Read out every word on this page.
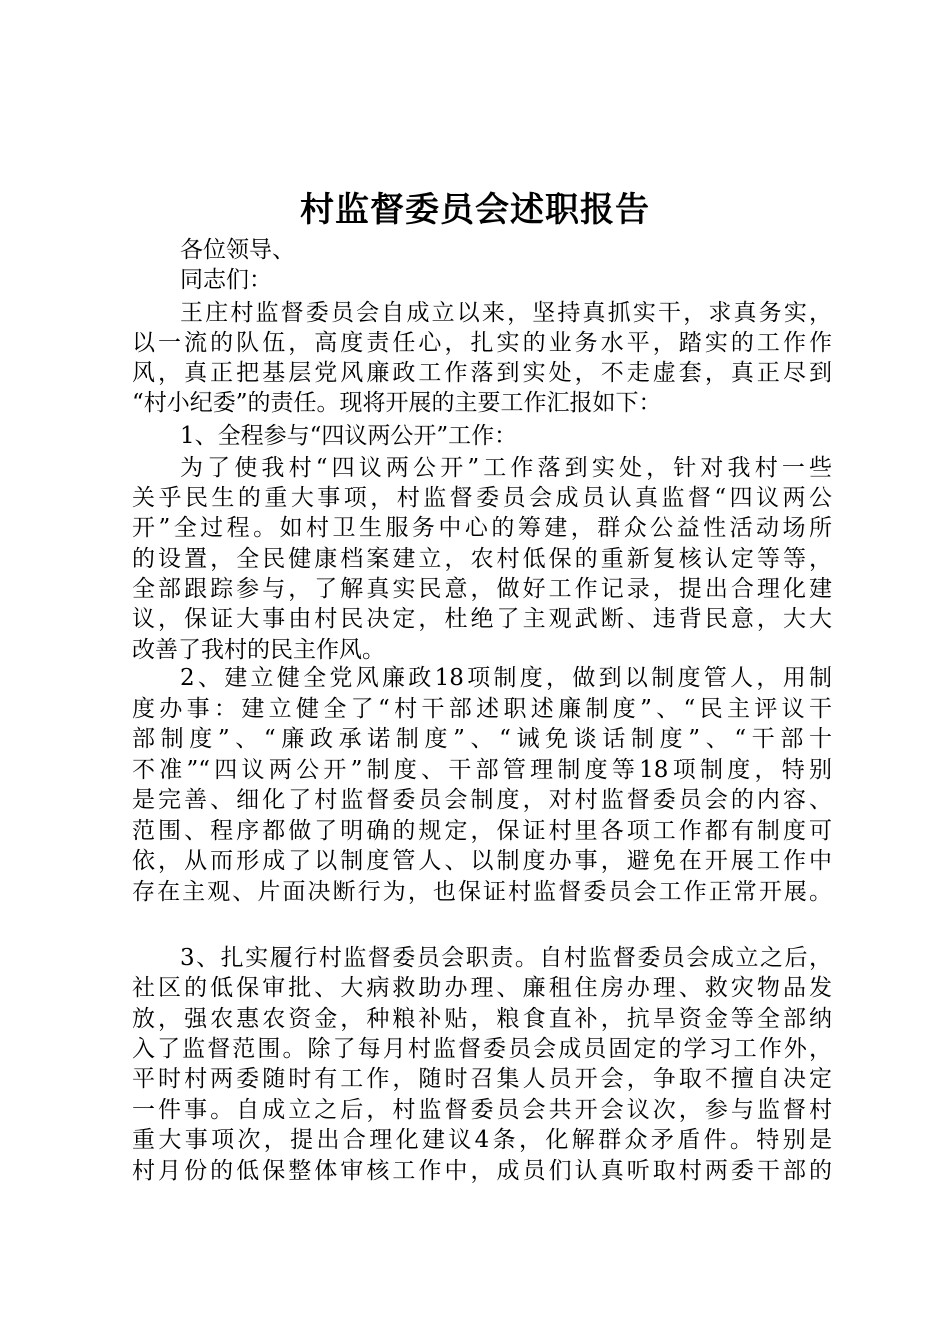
村监督委员会述职报告
各位领导、
同志们：
王庄村监督委员会自成立以来，坚持真抓实干，求真务实，
以一流的队伍，高度责任心，扎实的业务水平，踏实的工作作
风，真正把基层党风廉政工作落到实处，不走虚套，真正尽到
“村小纪委”的责任。现将开展的主要工作汇报如下：
1、全程参与“四议两公开”工作：
为了使我村“四议两公开”工作落到实处，针对我村一些
关乎民生的重大事项，村监督委员会成员认真监督“四议两公
开”全过程。如村卫生服务中心的筹建，群众公益性活动场所
的设置，全民健康档案建立，农村低保的重新复核认定等等，
全部跟踪参与，了解真实民意，做好工作记录，提出合理化建
议，保证大事由村民决定，杜绝了主观武断、违背民意，大大
改善了我村的民主作风。
2、建立健全党风廉政18项制度，做到以制度管人，用制
度办事：建立健全了“村干部述职述廉制度”、“民主评议干
部制度”、“廉政承诺制度”、“诫免谈话制度”、“干部十
不准”“四议两公开”制度、干部管理制度等18项制度，特别
是完善、细化了村监督委员会制度，对村监督委员会的内容、
范围、程序都做了明确的规定，保证村里各项工作都有制度可
依，从而形成了以制度管人、以制度办事，避免在开展工作中
存在主观、片面决断行为，也保证村监督委员会工作正常开展。
3、扎实履行村监督委员会职责。自村监督委员会成立之后，
社区的低保审批、大病救助办理、廉租住房办理、救灾物品发
放，强农惠农资金，种粮补贴，粮食直补，抗旱资金等全部纳
入了监督范围。除了每月村监督委员会成员固定的学习工作外，
平时村两委随时有工作，随时召集人员开会，争取不擅自决定
一件事。自成立之后，村监督委员会共开会议次，参与监督村
重大事项次，提出合理化建议4条，化解群众矛盾件。特别是
村月份的低保整体审核工作中，成员们认真听取村两委干部的
